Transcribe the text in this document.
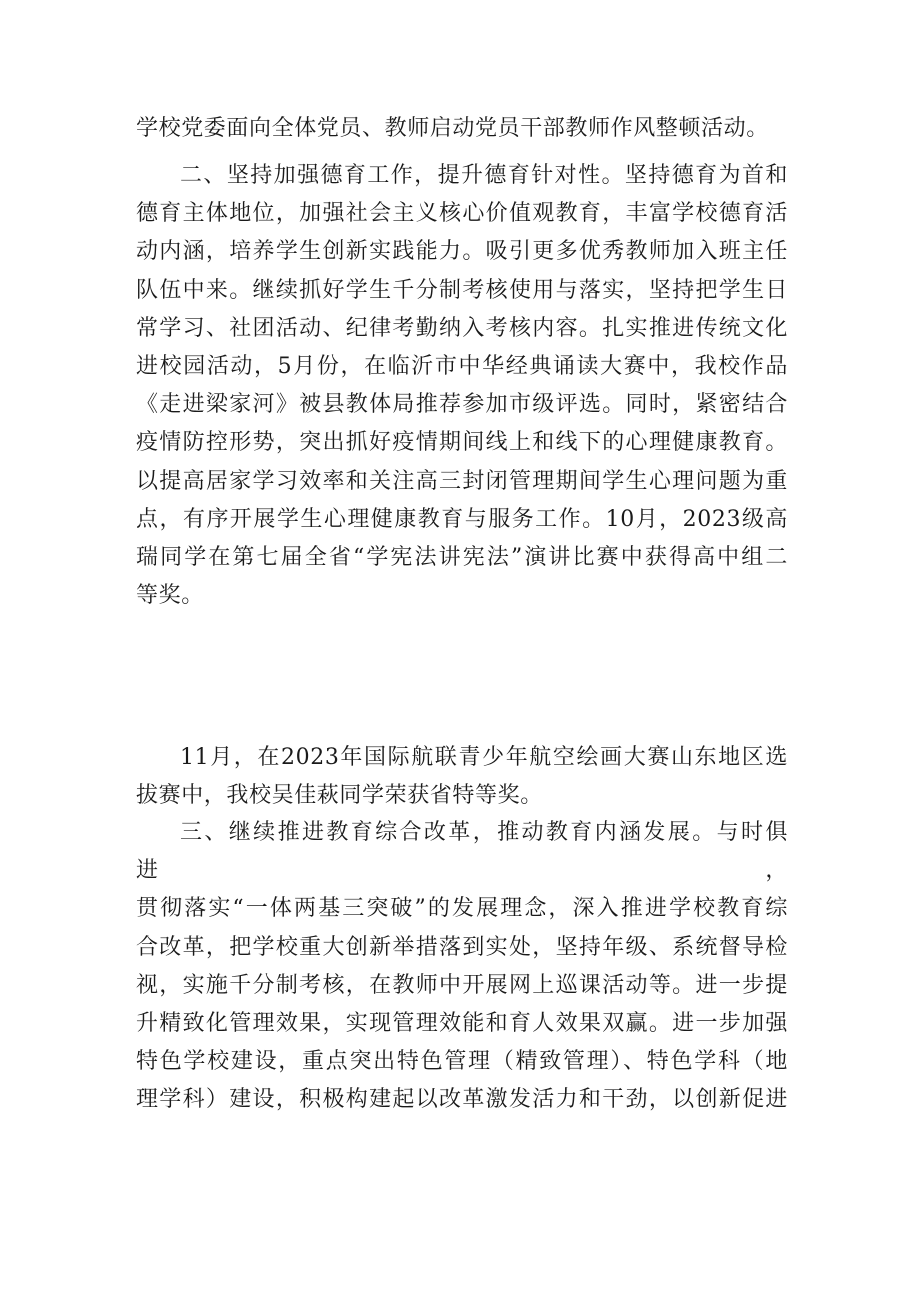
学校党委面向全体党员、教师启动党员干部教师作风整顿活动。

二、坚持加强德育工作，提升德育针对性。坚持德育为首和

德育主体地位，加强社会主义核心价值观教育，丰富学校德育活

动内涵，培养学生创新实践能力。吸引更多优秀教师加入班主任

队伍中来。继续抓好学生千分制考核使用与落实，坚持把学生日

常学习、社团活动、纪律考勤纳入考核内容。扎实推进传统文化

进校园活动，5月份，在临沂市中华经典诵读大赛中，我校作品

《走进梁家河》被县教体局推荐参加市级评选。同时，紧密结合

疫情防控形势，突出抓好疫情期间线上和线下的心理健康教育。

以提高居家学习效率和关注高三封闭管理期间学生心理问题为重

点，有序开展学生心理健康教育与服务工作。10月，2023级高

瑞同学在第七届全省“学宪法讲宪法”演讲比赛中获得高中组二

等奖。

11月，在2023年国际航联青少年航空绘画大赛山东地区选

拔赛中，我校吴佳萩同学荣获省特等奖。

三、继续推进教育综合改革，推动教育内涵发展。与时俱进，

贯彻落实“一体两基三突破”的发展理念，深入推进学校教育综

合改革，把学校重大创新举措落到实处，坚持年级、系统督导检

视，实施千分制考核，在教师中开展网上巡课活动等。进一步提

升精致化管理效果，实现管理效能和育人效果双赢。进一步加强

特色学校建设，重点突出特色管理（精致管理）、特色学科（地

理学科）建设，积极构建起以改革激发活力和干劲，以创新促进
